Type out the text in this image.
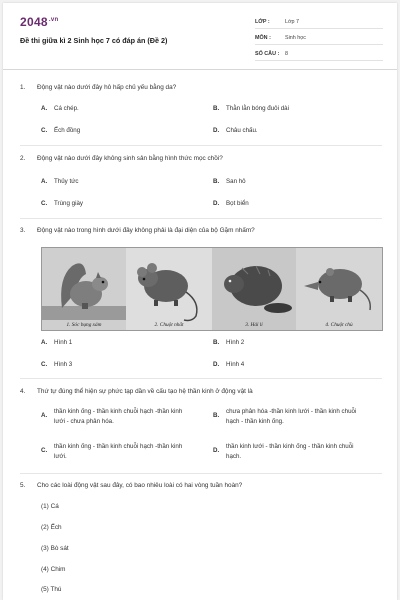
$2048^{.vn}$
Đề thi giữa kì 2 Sinh học 7 có đáp án (Đề 2)
LỚP :	Lớp 7
MÔN :	Sinh học
SỐ CÂU : 8
1. Động vật nào dưới đây hô hấp chủ yếu bằng da?
A. Cá chép.	B. Thằn lằn bóng đuôi dài
C. Ếch đồng	D. Châu chấu.
2. Động vật nào dưới đây không sinh sản bằng hình thức mọc chồi?
A. Thủy tức	B. San hô
C. Trùng giày	D. Bọt biển
3. Động vật nào trong hình dưới đây không phải là đại diện của bộ Gặm nhấm?
1. Sóc bụng xám	2. Chuột nhắt	3. Hải li	4. Chuột chù
A. Hình 1	B. Hình 2
C. Hình 3	D. Hình 4
4. Thứ tự đúng thể hiện sự phức tạp dần về cấu tạo hệ thần kinh ở động vật là
A.
thần kinh ống - thần kinh chuỗi hạch -thần kinh lưới - chưa phân hóa.
B.
chưa phân hóa -thần kinh lưới - thần kinh chuỗi hạch - thần kinh ống.
C.
thần kinh ống - thần kinh chuỗi hạch -thần kinh lưới.
D.
thần kinh lưới - thần kinh ống - thần kinh chuỗi hạch.
5. Cho các loài động vật sau đây, có bao nhiêu loài có hai vòng tuần hoàn?
(1) Cá
(2) Ếch
(3) Bò sát
(4) Chim
(5) Thú
